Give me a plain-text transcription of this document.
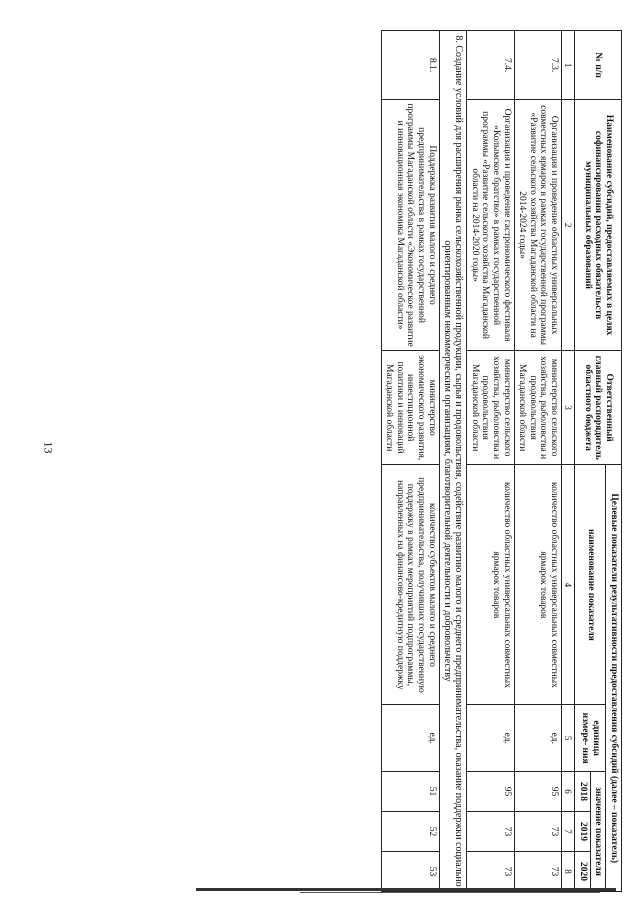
13
№ п/п	Наименование субсидий, предоставляемых в целях софинансирования расходных обязательств муниципальных образований	Ответственный главный распорядитель областного бюджета	Целевые показатели результативности предоставления субсидий (далее – показатель)				
			наименование показателя	единица измере- ния	значение показателя		
					2018	2019	2020
1	2	3	4	5	6	7	8
7.3.	Организация и проведение областных универсальных совместных ярмарок в рамках государственной программы «Развитие сельского хозяйства Магаданской области на 2014-2024 годы»	министерство сельского хозяйства, рыболовства и продовольствия Магаданской области	количество областных универсальных совместных ярмарок товаров	ед.	95	73	73
7.4.	Организация и проведение гастрономического фестиваля «Колымское братство» в рамках государственной программы «Развитие сельского хозяйства Магаданской области на 2014-2020 годы»	министерство сельского хозяйства, рыболовства и продовольствия Магаданской области	количество областных универсальных совместных ярмарок товаров	ед.	95	73	73
8. Создание условий для расширения рынка сельскохозяйственной продукции, сырья и продовольствия, содействие развитию малого и среднего предпринимательства, оказание поддержки социально ориентированным некоммерческим организациям, благотворительной деятельности и добровольчеству							
8.1.	Поддержка развития малого и среднего предпринимательства в рамках государственной программы Магаданской области «Экономическое развитие и инновационная экономика Магаданской области»	министерство экономического развития, инвестиционной политики и инноваций Магаданской области	количество субъектов малого и среднего предпринимательства, получивших государственную поддержку в рамках мероприятий подпрограммы, направленных на финансово-кредитную поддержку	ед.	51	52	53
